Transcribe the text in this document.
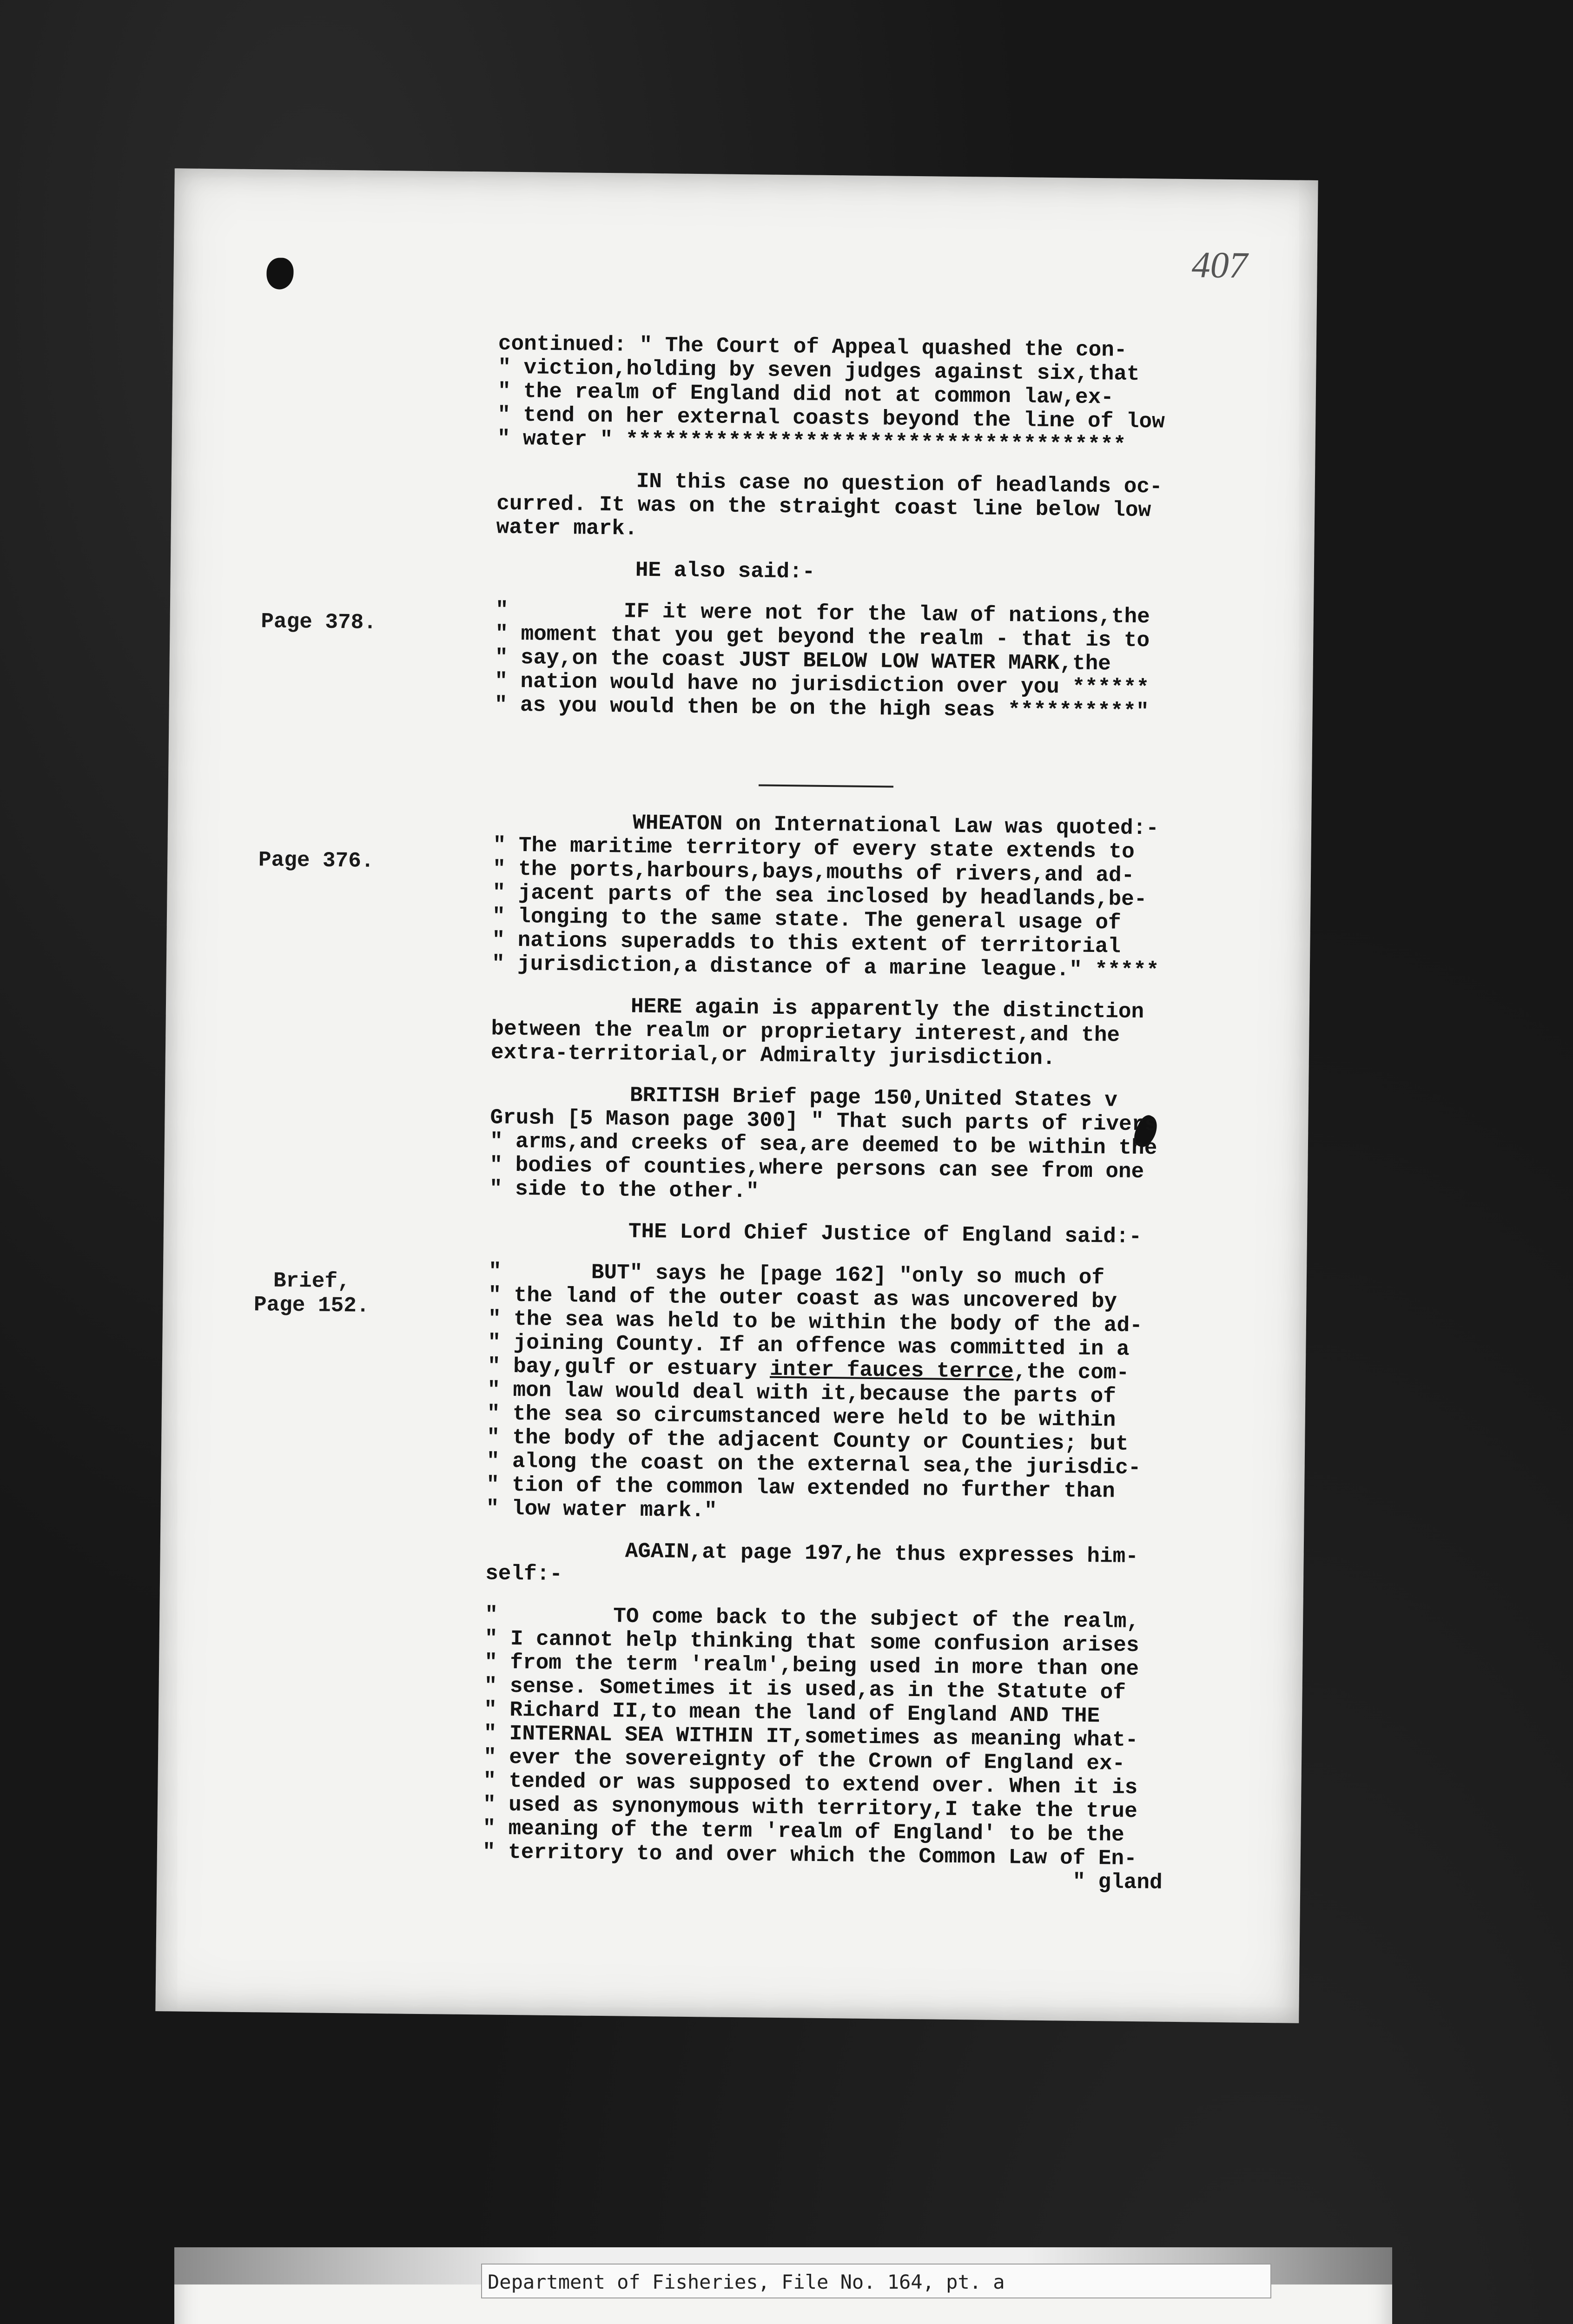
407
Page 378.
Page 376.
Brief,
Page 152.
continued: " The Court of Appeal quashed the con-
" viction,holding by seven judges against six,that
" the realm of England did not at common law,ex-
" tend on her external coasts beyond the line of low
" water " ***************************************
IN this case no question of headlands oc-
curred. It was on the straight coast line below low
water mark.
HE also said:-
"         IF it were not for the law of nations,the
" moment that you get beyond the realm - that is to
" say,on the coast JUST BELOW LOW WATER MARK,the
" nation would have no jurisdiction over you ******
" as you would then be on the high seas **********"
WHEATON on International Law was quoted:-
" The maritime territory of every state extends to
" the ports,harbours,bays,mouths of rivers,and ad-
" jacent parts of the sea inclosed by headlands,be-
" longing to the same state. The general usage of
" nations superadds to this extent of territorial
" jurisdiction,a distance of a marine league." *****
HERE again is apparently the distinction
between the realm or proprietary interest,and the
extra-territorial,or Admiralty jurisdiction.
BRITISH Brief page 150,United States v
Grush [5 Mason page 300] " That such parts of rivers
" arms,and creeks of sea,are deemed to be within the
" bodies of counties,where persons can see from one
" side to the other."
THE Lord Chief Justice of England said:-
"       BUT" says he [page 162] "only so much of
" the land of the outer coast as was uncovered by
" the sea was held to be within the body of the ad-
" joining County. If an offence was committed in a
" bay,gulf or estuary inter fauces terrce,the com-
" mon law would deal with it,because the parts of
" the sea so circumstanced were held to be within
" the body of the adjacent County or Counties; but
" along the coast on the external sea,the jurisdic-
" tion of the common law extended no further than
" low water mark."
AGAIN,at page 197,he thus expresses him-
self:-
"         TO come back to the subject of the realm,
" I cannot help thinking that some confusion arises
" from the term 'realm',being used in more than one
" sense. Sometimes it is used,as in the Statute of
" Richard II,to mean the land of England AND THE
" INTERNAL SEA WITHIN IT,sometimes as meaning what-
" ever the sovereignty of the Crown of England ex-
" tended or was supposed to extend over. When it is
" used as synonymous with territory,I take the true
" meaning of the term 'realm of England' to be the
" territory to and over which the Common Law of En-
" gland
Department of Fisheries, File No. 164, pt. a
